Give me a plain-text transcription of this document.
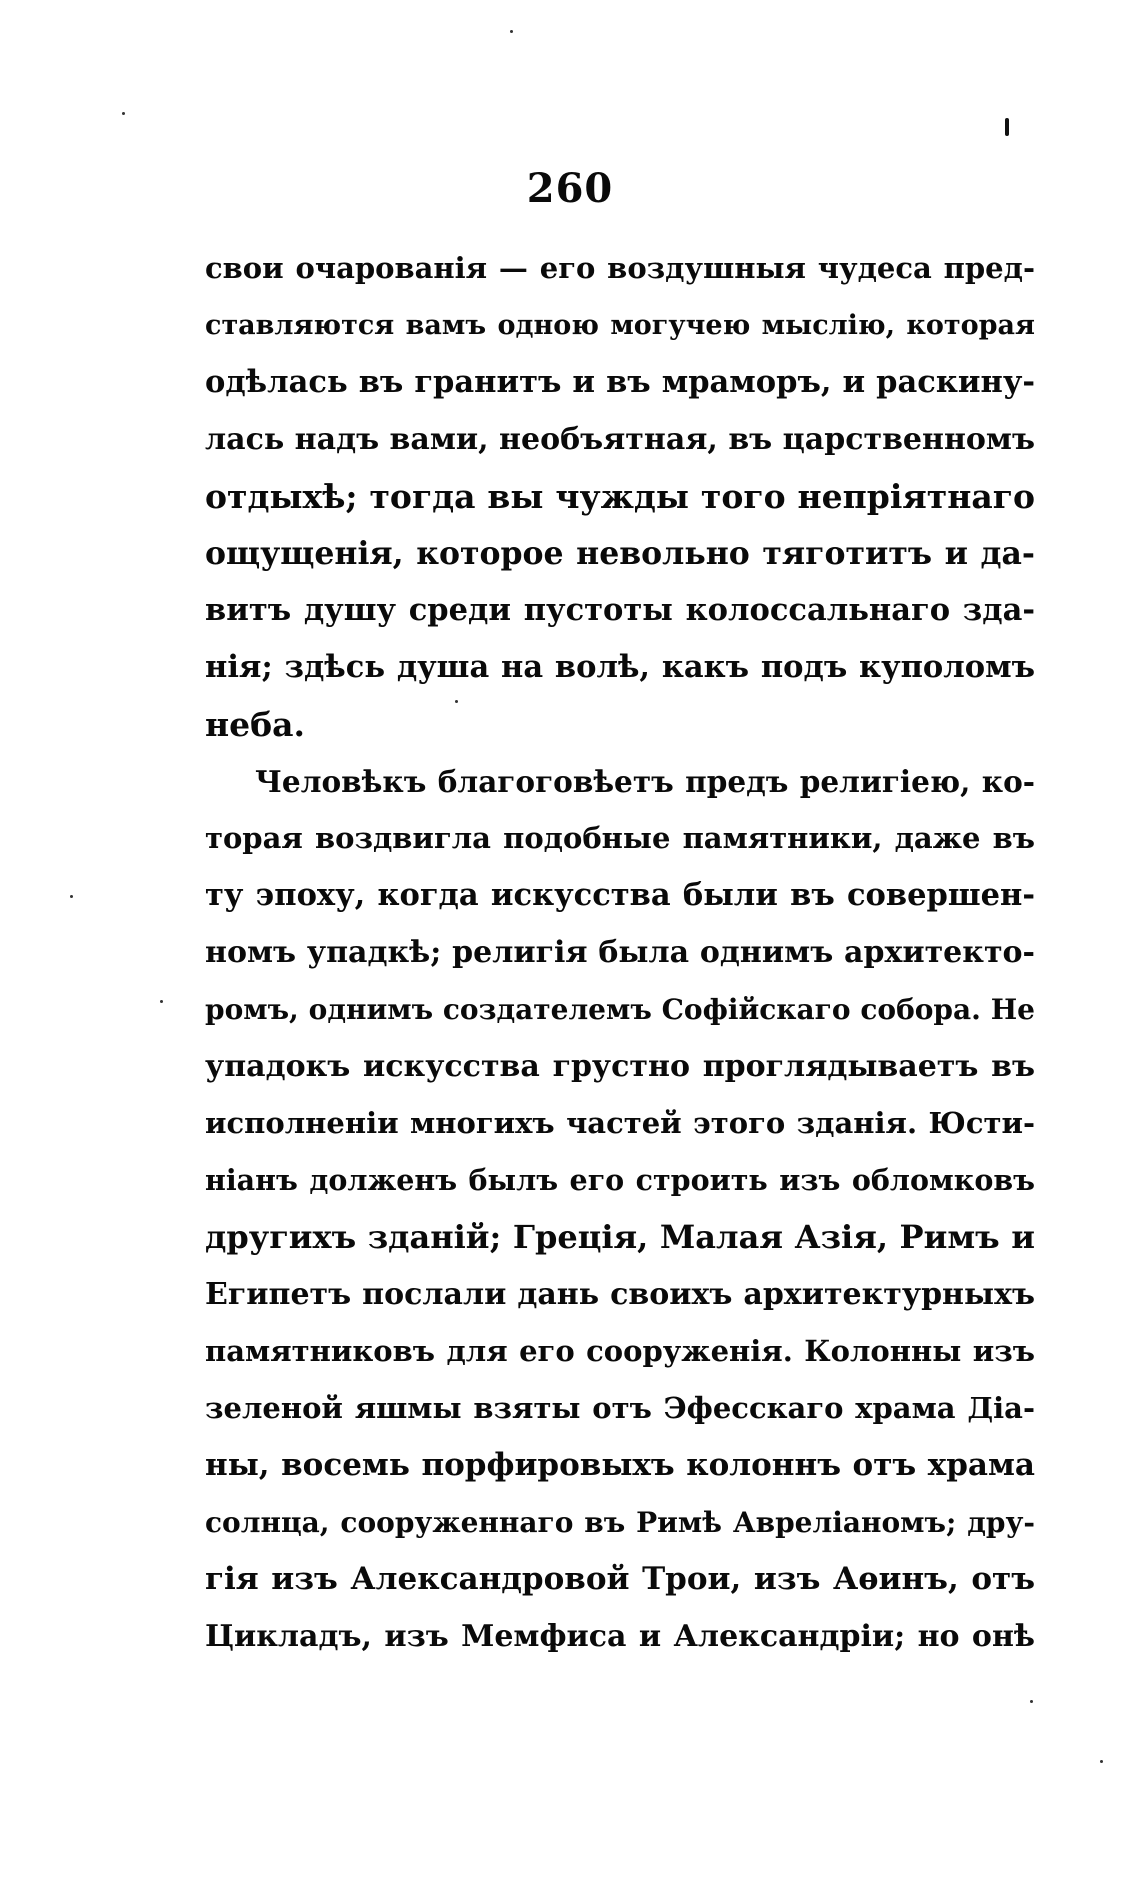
260
свои очарованія — его воздушныя чудеса пред-
ставляются вамъ одною могучею мыслію, которая
одѣлась въ гранитъ и въ мраморъ, и раскину-
лась надъ вами, необъятная, въ царственномъ
отдыхѣ; тогда вы чужды того непріятнаго
ощущенія, которое невольно тяготитъ и да-
витъ душу среди пустоты колоссальнаго зда-
нія; здѣсь душа на волѣ, какъ подъ куполомъ
неба.
Человѣкъ благоговѣетъ предъ религіею, ко-
торая воздвигла подобные памятники, даже въ
ту эпоху, когда искусства были въ совершен-
номъ упадкѣ; религія была однимъ архитекто-
ромъ, однимъ создателемъ Софійскаго собора. Не
упадокъ искусства грустно проглядываетъ въ
исполненіи многихъ частей этого зданія. Юсти-
ніанъ долженъ былъ его строить изъ обломковъ
другихъ зданій; Греція, Малая Азія, Римъ и
Египетъ послали дань своихъ архитектурныхъ
памятниковъ для его сооруженія. Колонны изъ
зеленой яшмы взяты отъ Эфесскаго храма Діа-
ны, восемь порфировыхъ колоннъ отъ храма
солнца, сооруженнаго въ Римѣ Авреліаномъ; дру-
гія изъ Александровой Трои, изъ Аѳинъ, отъ
Цикладъ, изъ Мемфиса и Александріи; но онѣ
